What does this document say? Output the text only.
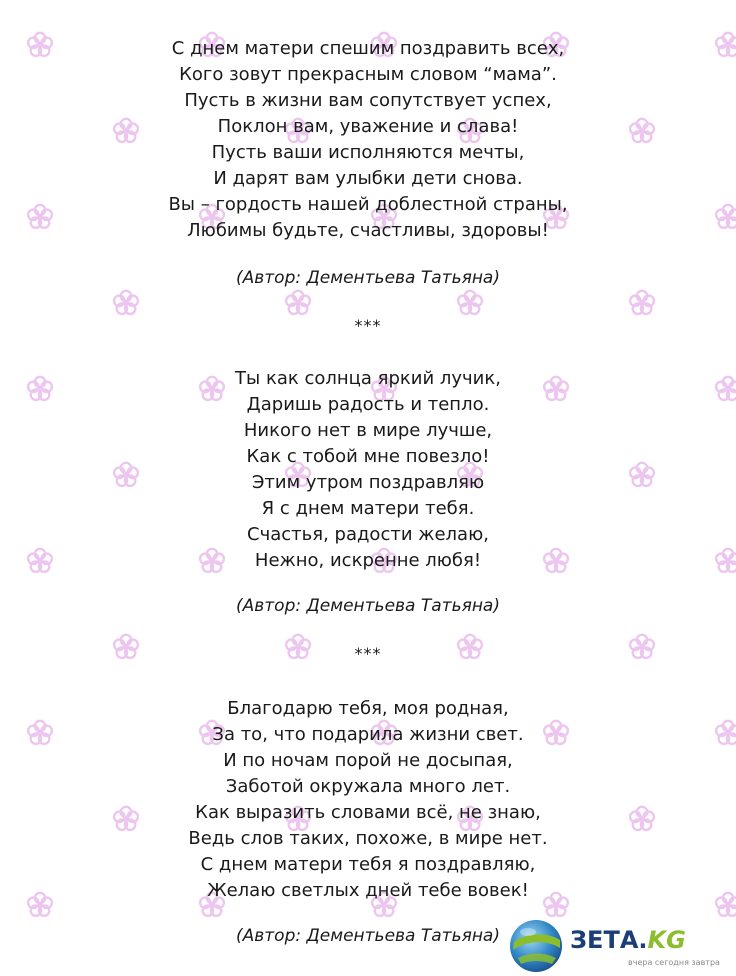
С днем матери спешим поздравить всех,
Кого зовут прекрасным словом “мама”.
Пусть в жизни вам сопутствует успех,
Поклон вам, уважение и слава!
Пусть ваши исполняются мечты,
И дарят вам улыбки дети снова.
Вы – гордость нашей доблестной страны,
Любимы будьте, счастливы, здоровы!
(Автор: Дементьева Татьяна)
***
Ты как солнца яркий лучик,
Даришь радость и тепло.
Никого нет в мире лучше,
Как с тобой мне повезло!
Этим утром поздравляю
Я с днем матери тебя.
Счастья, радости желаю,
Нежно, искренне любя!
(Автор: Дементьева Татьяна)
***
Благодарю тебя, моя родная,
За то, что подарила жизни свет.
И по ночам порой не досыпая,
Заботой окружала много лет.
Как выразить словами всё, не знаю,
Ведь слов таких, похоже, в мире нет.
С днем матери тебя я поздравляю,
Желаю светлых дней тебе вовек!
(Автор: Дементьева Татьяна)	ЗЕТА.KG
вчера сегодня завтра
